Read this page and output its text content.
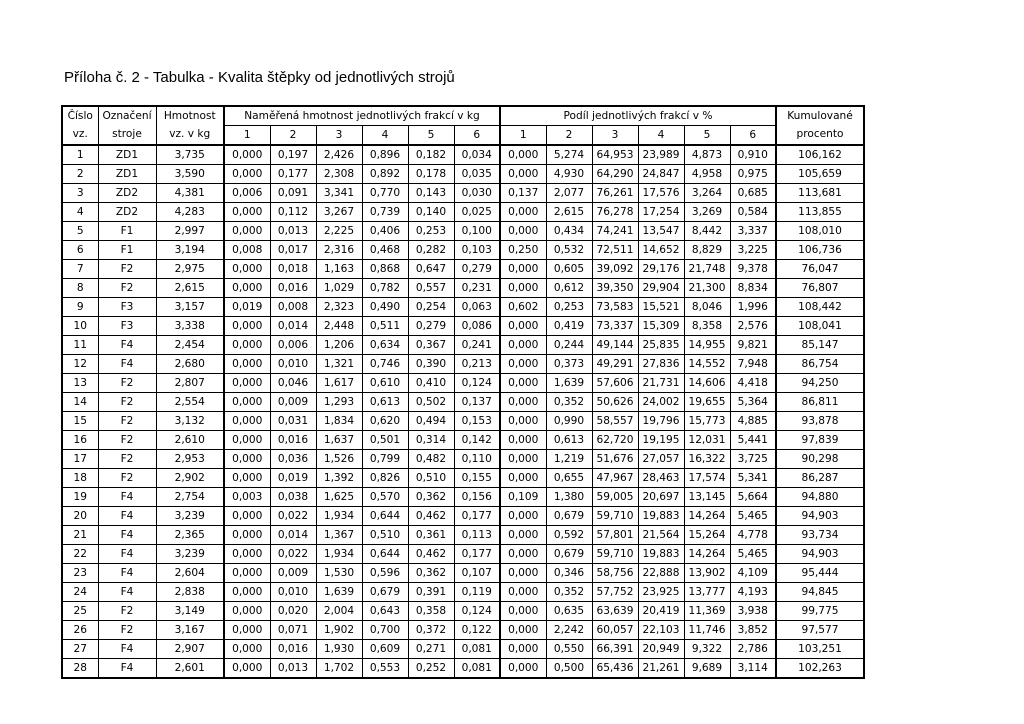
Příloha č. 2 - Tabulka - Kvalita štěpky od jednotlivých strojů
Číslo	Označení	Hmotnost	Naměřená hmotnost jednotlivých frakcí v kg						Podíl jednotlivých frakcí v %						Kumulované
vz.	stroje	vz. v kg	1	2	3	4	5	6	1	2	3	4	5	6	procento
1	ZD1	3,735	0,000	0,197	2,426	0,896	0,182	0,034	0,000	5,274	64,953	23,989	4,873	0,910	106,162
2	ZD1	3,590	0,000	0,177	2,308	0,892	0,178	0,035	0,000	4,930	64,290	24,847	4,958	0,975	105,659
3	ZD2	4,381	0,006	0,091	3,341	0,770	0,143	0,030	0,137	2,077	76,261	17,576	3,264	0,685	113,681
4	ZD2	4,283	0,000	0,112	3,267	0,739	0,140	0,025	0,000	2,615	76,278	17,254	3,269	0,584	113,855
5	F1	2,997	0,000	0,013	2,225	0,406	0,253	0,100	0,000	0,434	74,241	13,547	8,442	3,337	108,010
6	F1	3,194	0,008	0,017	2,316	0,468	0,282	0,103	0,250	0,532	72,511	14,652	8,829	3,225	106,736
7	F2	2,975	0,000	0,018	1,163	0,868	0,647	0,279	0,000	0,605	39,092	29,176	21,748	9,378	76,047
8	F2	2,615	0,000	0,016	1,029	0,782	0,557	0,231	0,000	0,612	39,350	29,904	21,300	8,834	76,807
9	F3	3,157	0,019	0,008	2,323	0,490	0,254	0,063	0,602	0,253	73,583	15,521	8,046	1,996	108,442
10	F3	3,338	0,000	0,014	2,448	0,511	0,279	0,086	0,000	0,419	73,337	15,309	8,358	2,576	108,041
11	F4	2,454	0,000	0,006	1,206	0,634	0,367	0,241	0,000	0,244	49,144	25,835	14,955	9,821	85,147
12	F4	2,680	0,000	0,010	1,321	0,746	0,390	0,213	0,000	0,373	49,291	27,836	14,552	7,948	86,754
13	F2	2,807	0,000	0,046	1,617	0,610	0,410	0,124	0,000	1,639	57,606	21,731	14,606	4,418	94,250
14	F2	2,554	0,000	0,009	1,293	0,613	0,502	0,137	0,000	0,352	50,626	24,002	19,655	5,364	86,811
15	F2	3,132	0,000	0,031	1,834	0,620	0,494	0,153	0,000	0,990	58,557	19,796	15,773	4,885	93,878
16	F2	2,610	0,000	0,016	1,637	0,501	0,314	0,142	0,000	0,613	62,720	19,195	12,031	5,441	97,839
17	F2	2,953	0,000	0,036	1,526	0,799	0,482	0,110	0,000	1,219	51,676	27,057	16,322	3,725	90,298
18	F2	2,902	0,000	0,019	1,392	0,826	0,510	0,155	0,000	0,655	47,967	28,463	17,574	5,341	86,287
19	F4	2,754	0,003	0,038	1,625	0,570	0,362	0,156	0,109	1,380	59,005	20,697	13,145	5,664	94,880
20	F4	3,239	0,000	0,022	1,934	0,644	0,462	0,177	0,000	0,679	59,710	19,883	14,264	5,465	94,903
21	F4	2,365	0,000	0,014	1,367	0,510	0,361	0,113	0,000	0,592	57,801	21,564	15,264	4,778	93,734
22	F4	3,239	0,000	0,022	1,934	0,644	0,462	0,177	0,000	0,679	59,710	19,883	14,264	5,465	94,903
23	F4	2,604	0,000	0,009	1,530	0,596	0,362	0,107	0,000	0,346	58,756	22,888	13,902	4,109	95,444
24	F4	2,838	0,000	0,010	1,639	0,679	0,391	0,119	0,000	0,352	57,752	23,925	13,777	4,193	94,845
25	F2	3,149	0,000	0,020	2,004	0,643	0,358	0,124	0,000	0,635	63,639	20,419	11,369	3,938	99,775
26	F2	3,167	0,000	0,071	1,902	0,700	0,372	0,122	0,000	2,242	60,057	22,103	11,746	3,852	97,577
27	F4	2,907	0,000	0,016	1,930	0,609	0,271	0,081	0,000	0,550	66,391	20,949	9,322	2,786	103,251
28	F4	2,601	0,000	0,013	1,702	0,553	0,252	0,081	0,000	0,500	65,436	21,261	9,689	3,114	102,263
